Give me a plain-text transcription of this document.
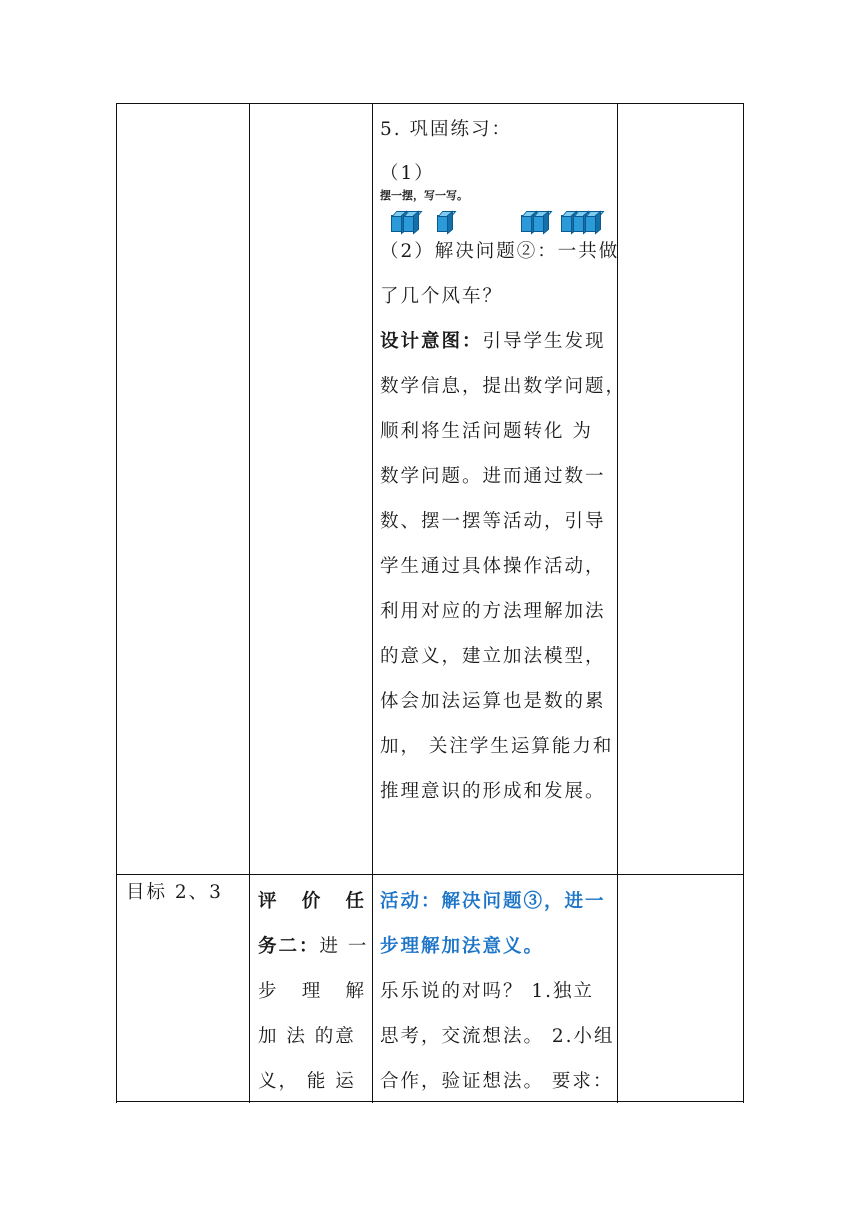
5. 巩固练习：
（1）
摆一摆，写一写。
（2）解决问题②：一共做
了几个风车？
设计意图：引导学生发现
数学信息，提出数学问题，
顺利将生活问题转化 为
数学问题。进而通过数一
数、摆一摆等活动，引导
学生通过具体操作活动，
利用对应的方法理解加法
的意义，建立加法模型，
体会加法运算也是数的累
加， 关注学生运算能力和
推理意识的形成和发展。
目标 2、3	评 价 任
务二：进 一
步 理 解
加 法 的意
义， 能 运
活动：解决问题③，进一
步理解加法意义。
乐乐说的对吗？ 1.独立
思考，交流想法。 2.小组
合作，验证想法。 要求：
